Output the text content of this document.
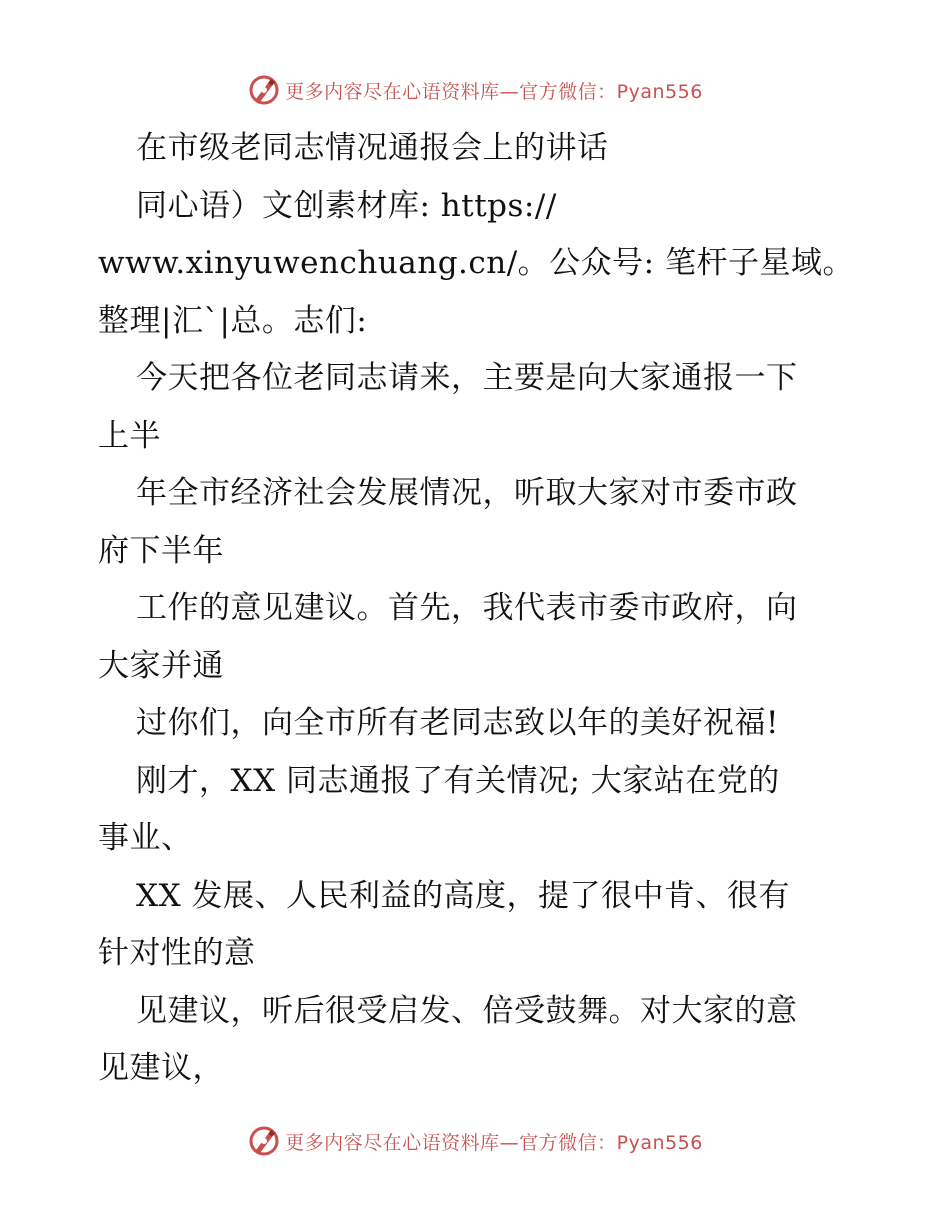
更多内容尽在心语资料库—官方微信：Pyan556
在市级老同志情况通报会上的讲话
同心语）文创素材库: https://
www.xinyuwenchuang.cn/。公众号: 笔杆子星域。
整理|汇`|总。志们:
今天把各位老同志请来，主要是向大家通报一下
上半
年全市经济社会发展情况，听取大家对市委市政
府下半年
工作的意见建议。首先，我代表市委市政府，向
大家并通
过你们，向全市所有老同志致以年的美好祝福!
刚才，XX 同志通报了有关情况; 大家站在党的
事业、
XX 发展、人民利益的高度，提了很中肯、很有
针对性的意
见建议，听后很受启发、倍受鼓舞。对大家的意
见建议，
更多内容尽在心语资料库—官方微信：Pyan556
